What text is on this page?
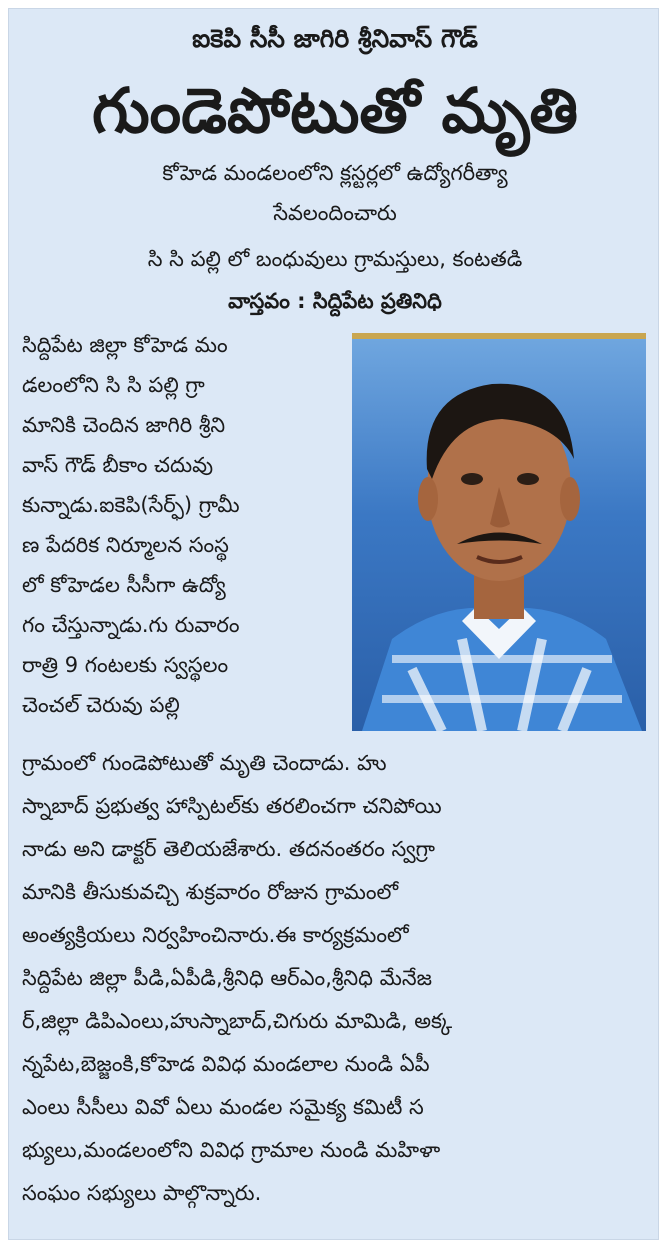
ఐకెపి సీసీ జాగిరి శ్రీనివాస్ గౌడ్
గుండెపోటుతో మృతి
కోహెడ మండలంలోని క్లస్టర్లలో ఉద్యోగరీత్యా
సేవలందించారు
సి సి పల్లి లో బంధువులు గ్రామస్తులు, కంటతడి
వాస్తవం : సిద్దిపేట ప్రతినిధి
సిద్దిపేట జిల్లా కోహెడ మం
డలంలోని సి సి పల్లి గ్రా
మానికి చెందిన జాగిరి శ్రీని
వాస్ గౌడ్ బీకాం చదువు
కున్నాడు.ఐకెపి(సేర్ఫ్) గ్రామీ
ణ పేదరిక నిర్మూలన సంస్థ
లో కోహెడల సీసీగా ఉద్యో
గం చేస్తున్నాడు.గు రువారం
రాత్రి 9 గంటలకు స్వస్థలం
చెంచల్ చెరువు పల్లి
గ్రామంలో గుండెపోటుతో మృతి చెందాడు. హు
స్నాబాద్ ప్రభుత్వ హాస్పిటల్‌కు తరలించగా చనిపోయి
నాడు అని డాక్టర్ తెలియజేశారు. తదనంతరం స్వగ్రా
మానికి తీసుకువచ్చి శుక్రవారం రోజున గ్రామంలో
అంత్యక్రియలు నిర్వహించినారు.ఈ కార్యక్రమంలో
సిద్దిపేట జిల్లా పీడి,ఏపీడి,శ్రీనిధి ఆర్ఎం,శ్రీనిధి మేనేజ
ర్,జిల్లా డిపిఎంలు,హుస్నాబాద్,చిగురు మామిడి, అక్క
న్నపేట,బెజ్జంకి,కోహెడ వివిధ మండలాల నుండి ఏపీ
ఎంలు సీసీలు వివో ఏలు మండల సమైక్య కమిటీ స
భ్యులు,మండలంలోని వివిధ గ్రామాల నుండి మహిళా
సంఘం సభ్యులు పాల్గొన్నారు.
